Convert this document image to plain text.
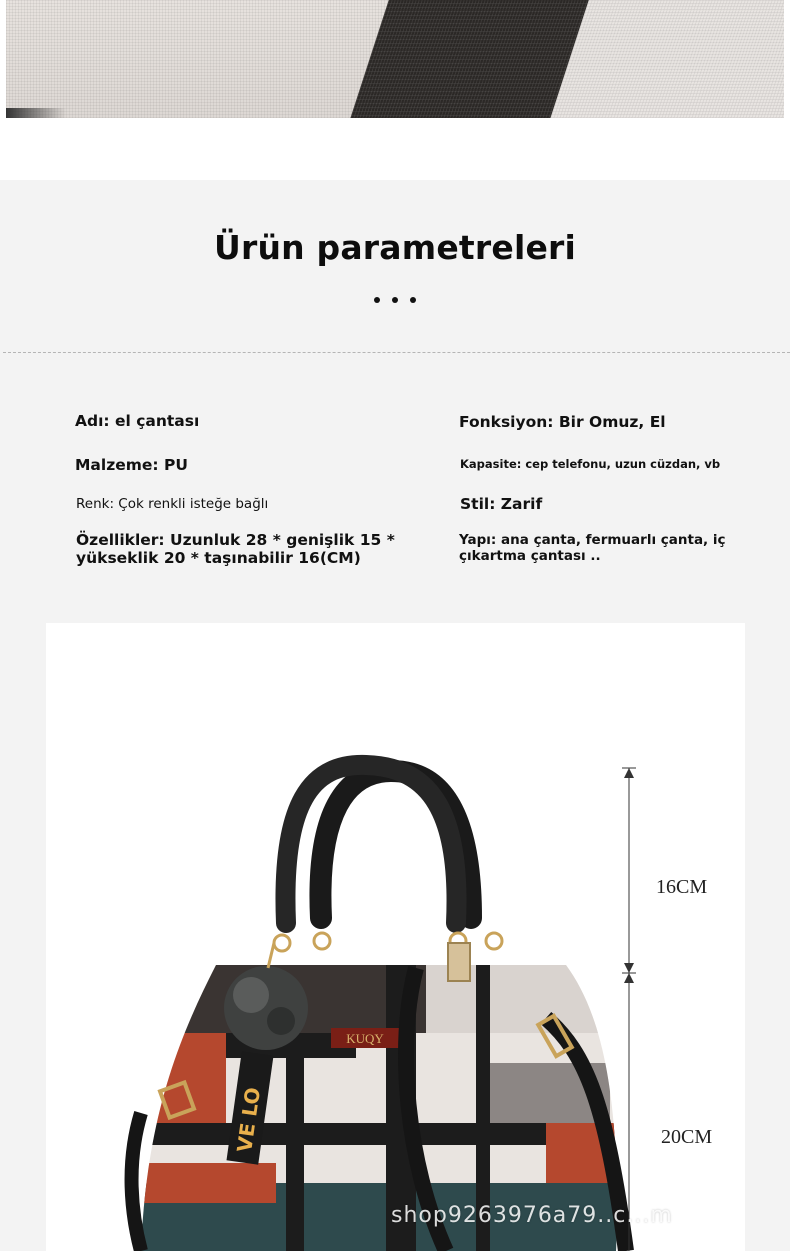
Ürün parametreleri
Adı: el çantası	Fonksiyon: Bir Omuz, El
Malzeme: PU	Kapasite: cep telefonu, uzun cüzdan, vb
Renk: Çok renkli isteğe bağlı	Stil: Zarif
Özellikler: Uzunluk 28 * genişlik 15 *
yükseklik 20 * taşınabilir 16(CM)
Yapı: ana çanta, fermuarlı çanta, iç
çıkartma çantası ..
KUQY
VE LO
16CM
20CM
shop9263976a79..c...m
